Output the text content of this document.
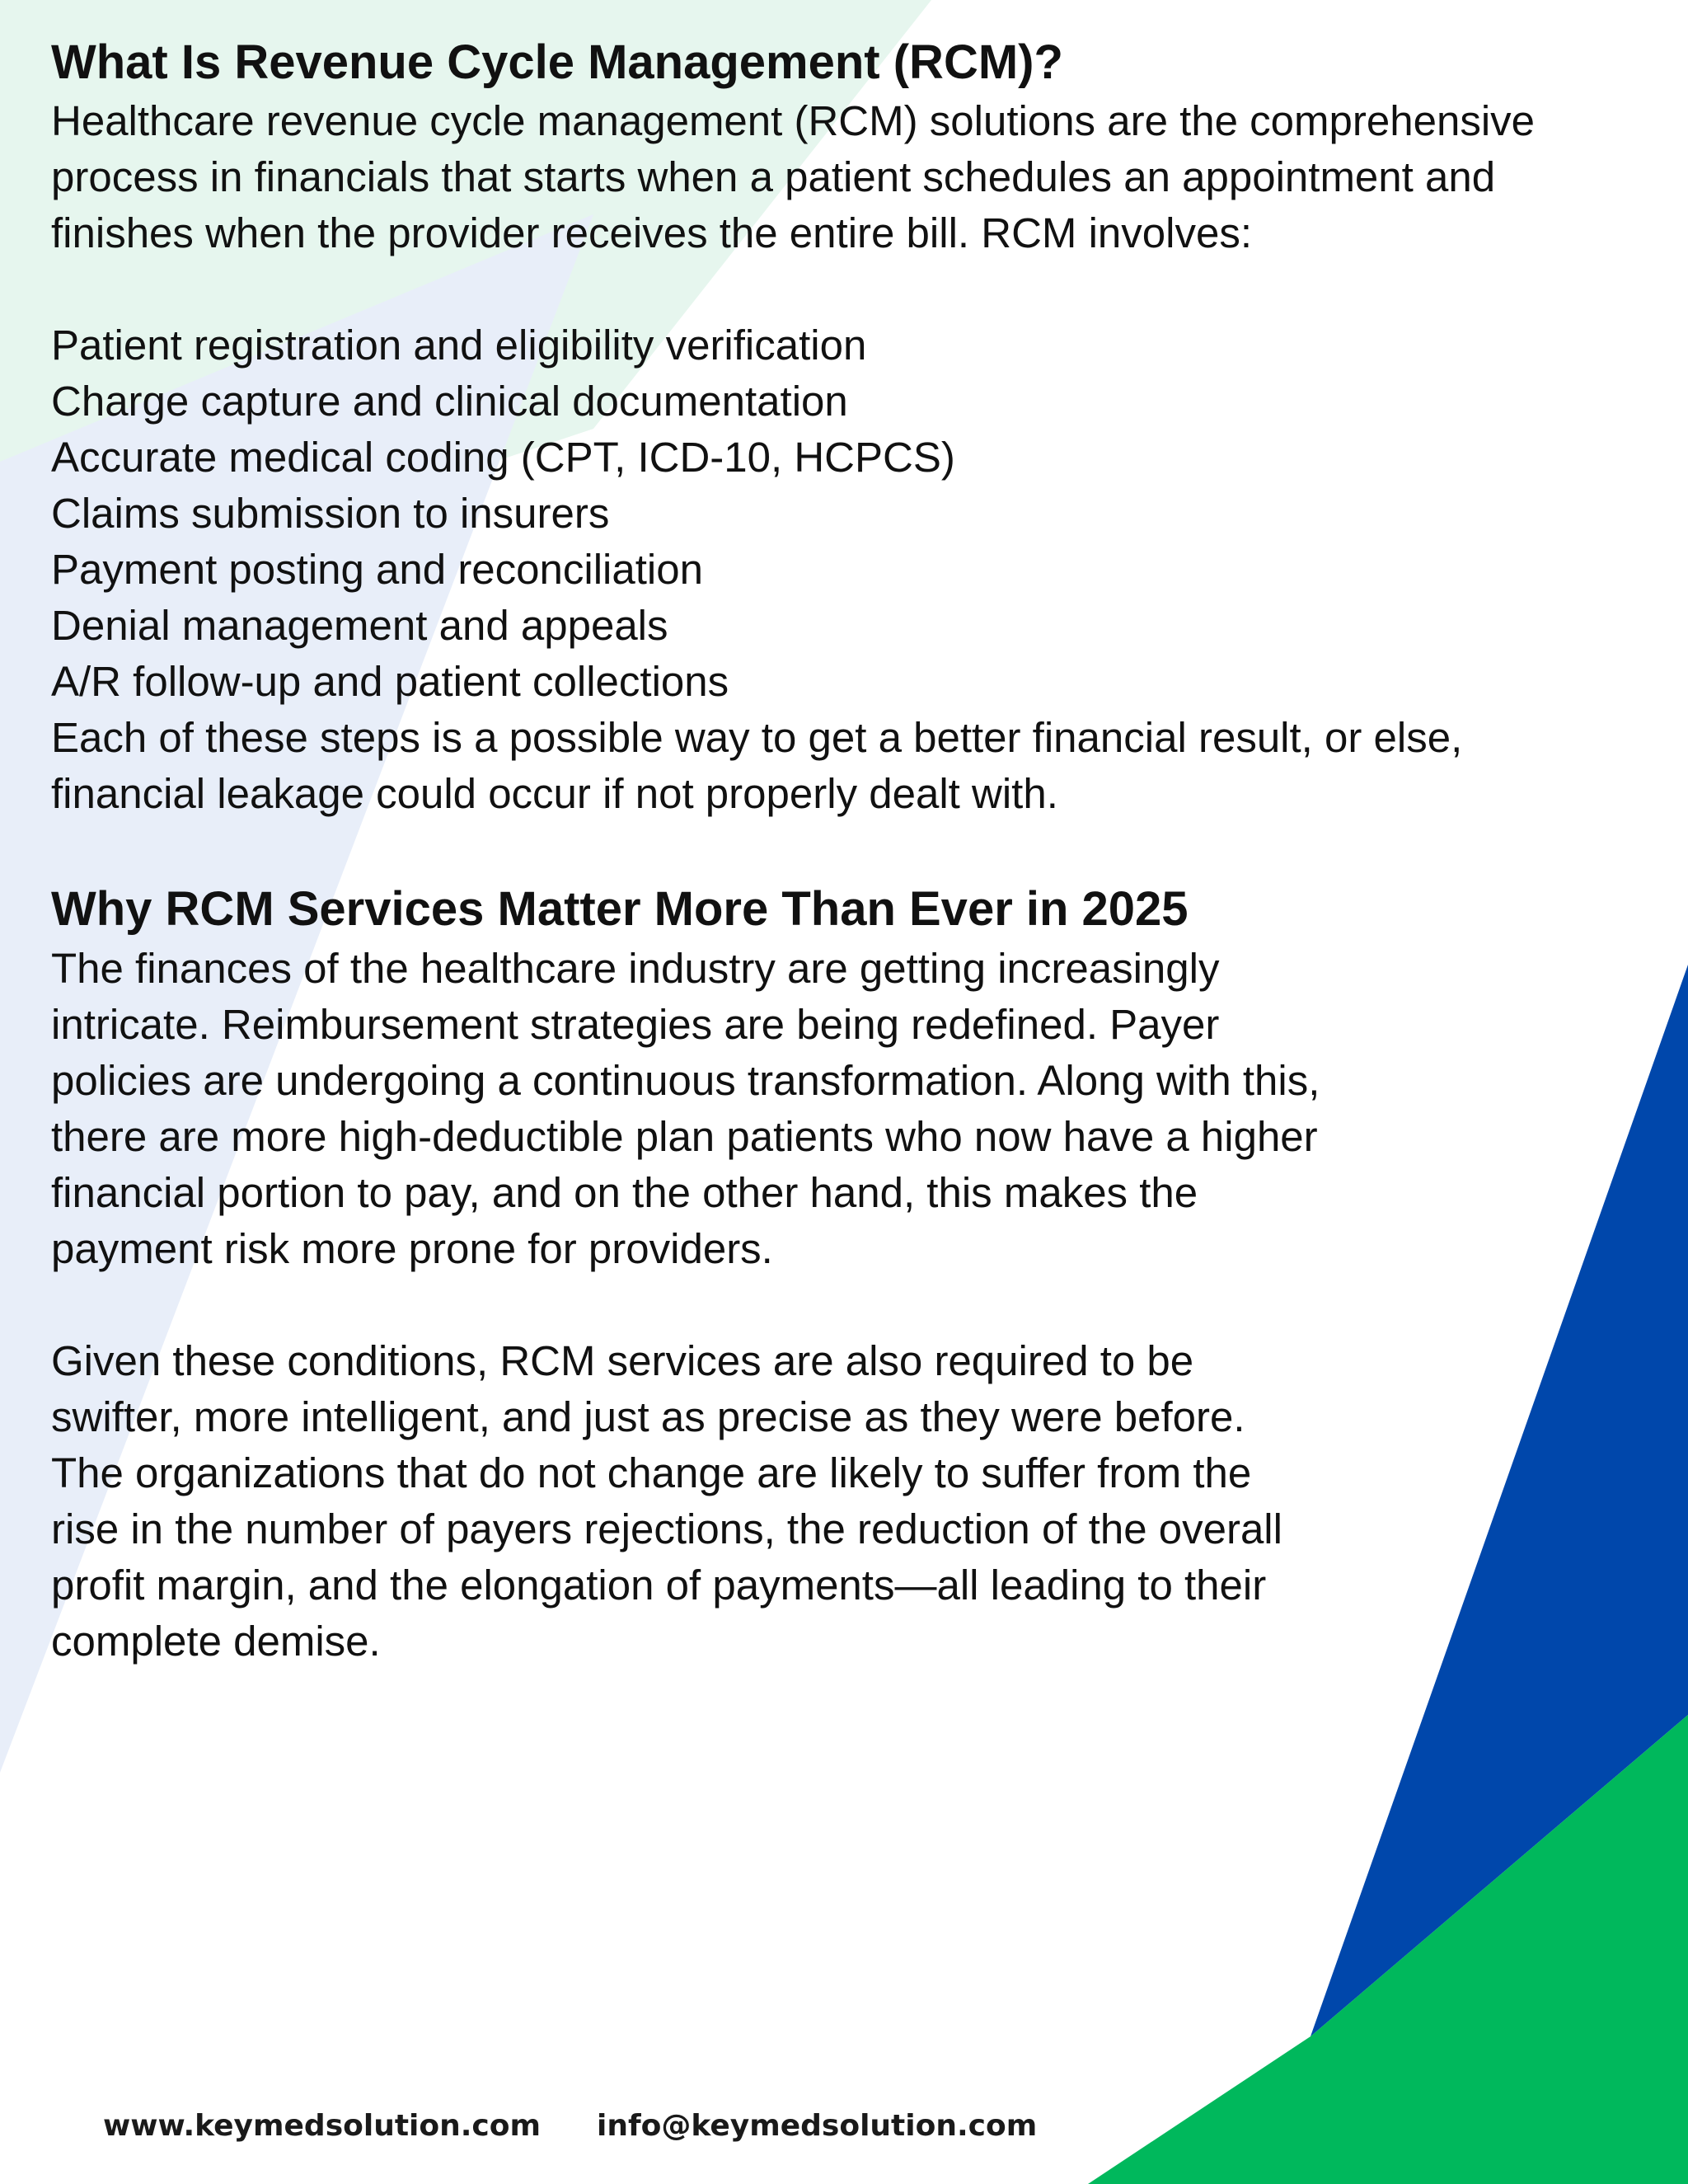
What Is Revenue Cycle Management (RCM)?

Healthcare revenue cycle management (RCM) solutions are the comprehensive process in financials that starts when a patient schedules an appointment and finishes when the provider receives the entire bill. RCM involves:

Patient registration and eligibility verification
Charge capture and clinical documentation
Accurate medical coding (CPT, ICD-10, HCPCS)
Claims submission to insurers
Payment posting and reconciliation
Denial management and appeals
A/R follow-up and patient collections

Each of these steps is a possible way to get a better financial result, or else, financial leakage could occur if not properly dealt with.

Why RCM Services Matter More Than Ever in 2025

The finances of the healthcare industry are getting increasingly intricate. Reimbursement strategies are being redefined. Payer policies are undergoing a continuous transformation. Along with this, there are more high-deductible plan patients who now have a higher financial portion to pay, and on the other hand, this makes the payment risk more prone for providers.

Given these conditions, RCM services are also required to be swifter, more intelligent, and just as precise as they were before. The organizations that do not change are likely to suffer from the rise in the number of payers rejections, the reduction of the overall profit margin, and the elongation of payments—all leading to their complete demise.

www.keymedsolution.com info@keymedsolution.com
